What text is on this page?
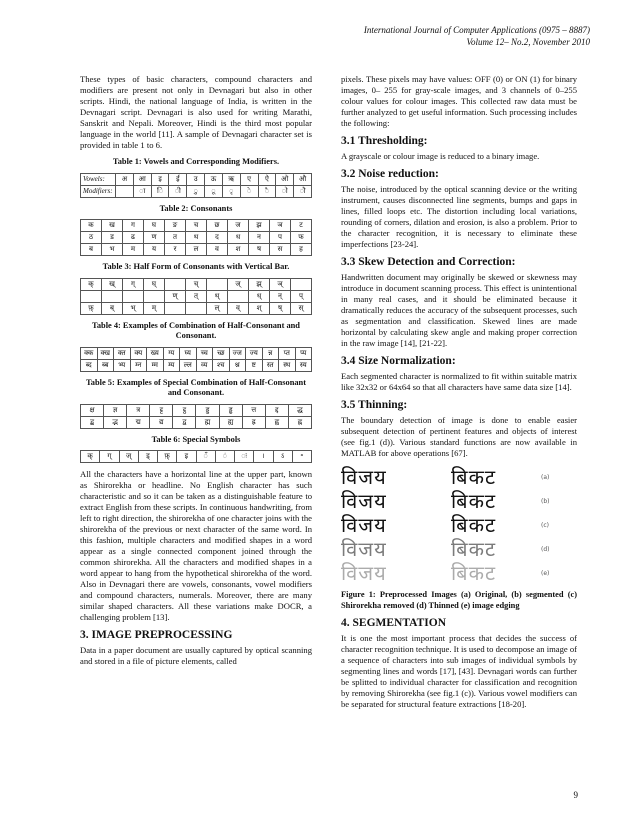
International Journal of Computer Applications (0975 – 8887)
Volume 12– No.2, November 2010

These types of basic characters, compound characters and modifiers are present not only in Devnagari but also in other scripts. Hindi, the national language of India, is written in the Devnagari script. Devnagari is also used for writing Marathi, Sanskrit and Nepali. Moreover, Hindi is the third most popular language in the world [11]. A sample of Devnagari character set is provided in table 1 to 6.

Table 1: Vowels and Corresponding Modifiers.
Vowels:	अ	आ	इ	ई	उ	ऊ	ऋ	ए	ऐ	ओ	औ
Modifiers:		ा	ि	ी	ु	ू	ृ	े	ै	ो	ौ
Table 2: Consonants
क	ख	ग	घ	ङ	च	छ	ज	झ	ञ	ट
ठ	ड	ढ	ण	त	थ	द	ध	न	प	फ
ब	भ	म	य	र	ल	व	श	ष	स	ह
Table 3: Half Form of Consonants with Vertical Bar.
क्	ख्	ग्	घ्		च्		ज्	झ्	ञ्	
				ण्	त्	थ्		ध्	न्	प्
फ़्	ब्	भ्	म्			ल्	व्	श्	ष्	स्
Table 4: Examples of Combination of Half-Consonant and Consonant.
क्क	क्ख	क्त	क्य	ख्य	ग्य	घ्य	च्च	च्छ	ज्ज	ज्य	न्न	प्त	प्य
ब्द	ब्ब	भ्य	म्न	म्म	म्य	ल्ल	व्य	श्च	श्न	ष्ट	स्त	स्थ	स्य
Table 5: Examples of Special Combination of Half-Consonant and Consonant.
क्ष	ज्ञ	त्र	ट्ट	ट्ठ	ड्ड	ड्ढ	त्त	द्द	द्ध
द्ब	द्भ	द्म	द्य	द्व	ह्म	ह्य	ह्र	ह्व	ह्न
Table 6: Special Symbols
क्	ग्	ज्	ड्	फ़्	इ	ँ	ं	ः	।	ऽ	॰

All the characters have a horizontal line at the upper part, known as Shirorekha or headline. No English character has such characteristic and so it can be taken as a distinguishable feature to extract English from these scripts. In continuous handwriting, from left to right direction, the shirorekha of one character joins with the shirorekha of the previous or next character of the same word. In this fashion, multiple characters and modified shapes in a word appear as a single connected component joined through the common shirorekha. All the characters and modified shapes in a word appear to hang from the hypothetical shirorekha of the word. Also in Devnagari there are vowels, consonants, vowel modifiers and compound characters, numerals. Moreover, there are many similar shaped characters. All these variations make DOCR, a challenging problem [13].

3. IMAGE PREPROCESSING

Data in a paper document are usually captured by optical scanning and stored in a file of picture elements, called

pixels. These pixels may have values: OFF (0) or ON (1) for binary images, 0– 255 for gray-scale images, and 3 channels of 0–255 colour values for colour images. This collected raw data must be further analyzed to get useful information. Such processing includes the following:

3.1 Thresholding:

A grayscale or colour image is reduced to a binary image.

3.2 Noise reduction:

The noise, introduced by the optical scanning device or the writing instrument, causes disconnected line segments, bumps and gaps in lines, filled loops etc. The distortion including local variations, rounding of corners, dilation and erosion, is also a problem. Prior to the character recognition, it is necessary to eliminate these imperfections [23-24].

3.3 Skew Detection and Correction:

Handwritten document may originally be skewed or skewness may introduce in document scanning process. This effect is unintentional in many real cases, and it should be eliminated because it dramatically reduces the accuracy of the subsequent processes, such as segmentation and classification. Skewed lines are made horizontal by calculating skew angle and making proper correction in the raw image [14], [21-22].

3.4 Size Normalization:

Each segmented character is normalized to fit within suitable matrix like 32x32 or 64x64 so that all characters have same data size [14].

3.5 Thinning:

The boundary detection of image is done to enable easier subsequent detection of pertinent features and objects of interest (see fig.1 (d)). Various standard functions are now available in MATLAB for above operations [67].

विजय	बिकट	(a)
विजय	बिकट	(b)
विजय	बिकट	(c)
विजय	बिकट	(d)
विजय	बिकट	(e)
Figure 1: Preprocessed Images (a) Original, (b) segmented (c) Shirorekha removed (d) Thinned (e) image edging
4. SEGMENTATION

It is one the most important process that decides the success of character recognition technique. It is used to decompose an image of a sequence of characters into sub images of individual symbols by segmenting lines and words [17], [43]. Devnagari words can further be splitted to individual character for classification and recognition by removing Shirorekha (see fig.1 (c)). Various vowel modifiers can be separated for structural feature extractions [18-20].

9
